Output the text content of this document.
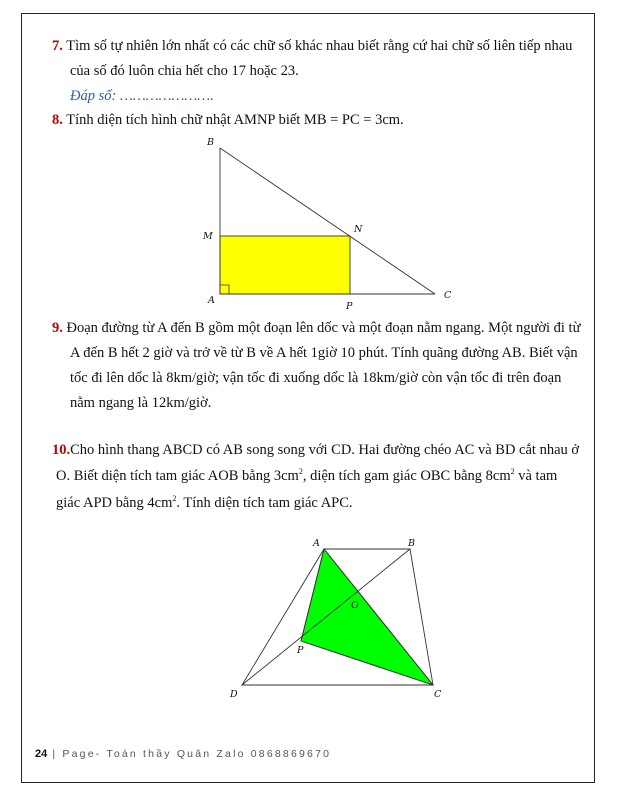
7. Tìm số tự nhiên lớn nhất có các chữ số khác nhau biết rằng cứ hai chữ số liên tiếp nhau
của số đó luôn chia hết cho 17 hoặc 23.
Đáp số: ………………….
8. Tính diện tích hình chữ nhật AMNP biết MB = PC = 3cm.
B
M
N
A
P
C
9. Đoạn đường từ A đến B gồm một đoạn lên dốc và một đoạn nằm ngang. Một người đi từ
A đến B hết 2 giờ và trở về từ B về A hết 1giờ 10 phút. Tính quãng đường AB. Biết vận
tốc đi lên dốc là 8km/giờ; vận tốc đi xuống dốc là 18km/giờ còn vận tốc đi trên đoạn
nằm ngang là 12km/giờ.
10.Cho hình thang ABCD có AB song song với CD. Hai đường chéo AC và BD cắt nhau ở
O. Biết diện tích tam giác AOB bằng $3cm^2$, diện tích gam giác OBC bằng $8cm^2$ và tam
giác APD bằng $4cm^2$. Tính diện tích tam giác APC.
A	B
O
P
D	C
24 | Page- Toán thầy Quân Zalo 0868869670
